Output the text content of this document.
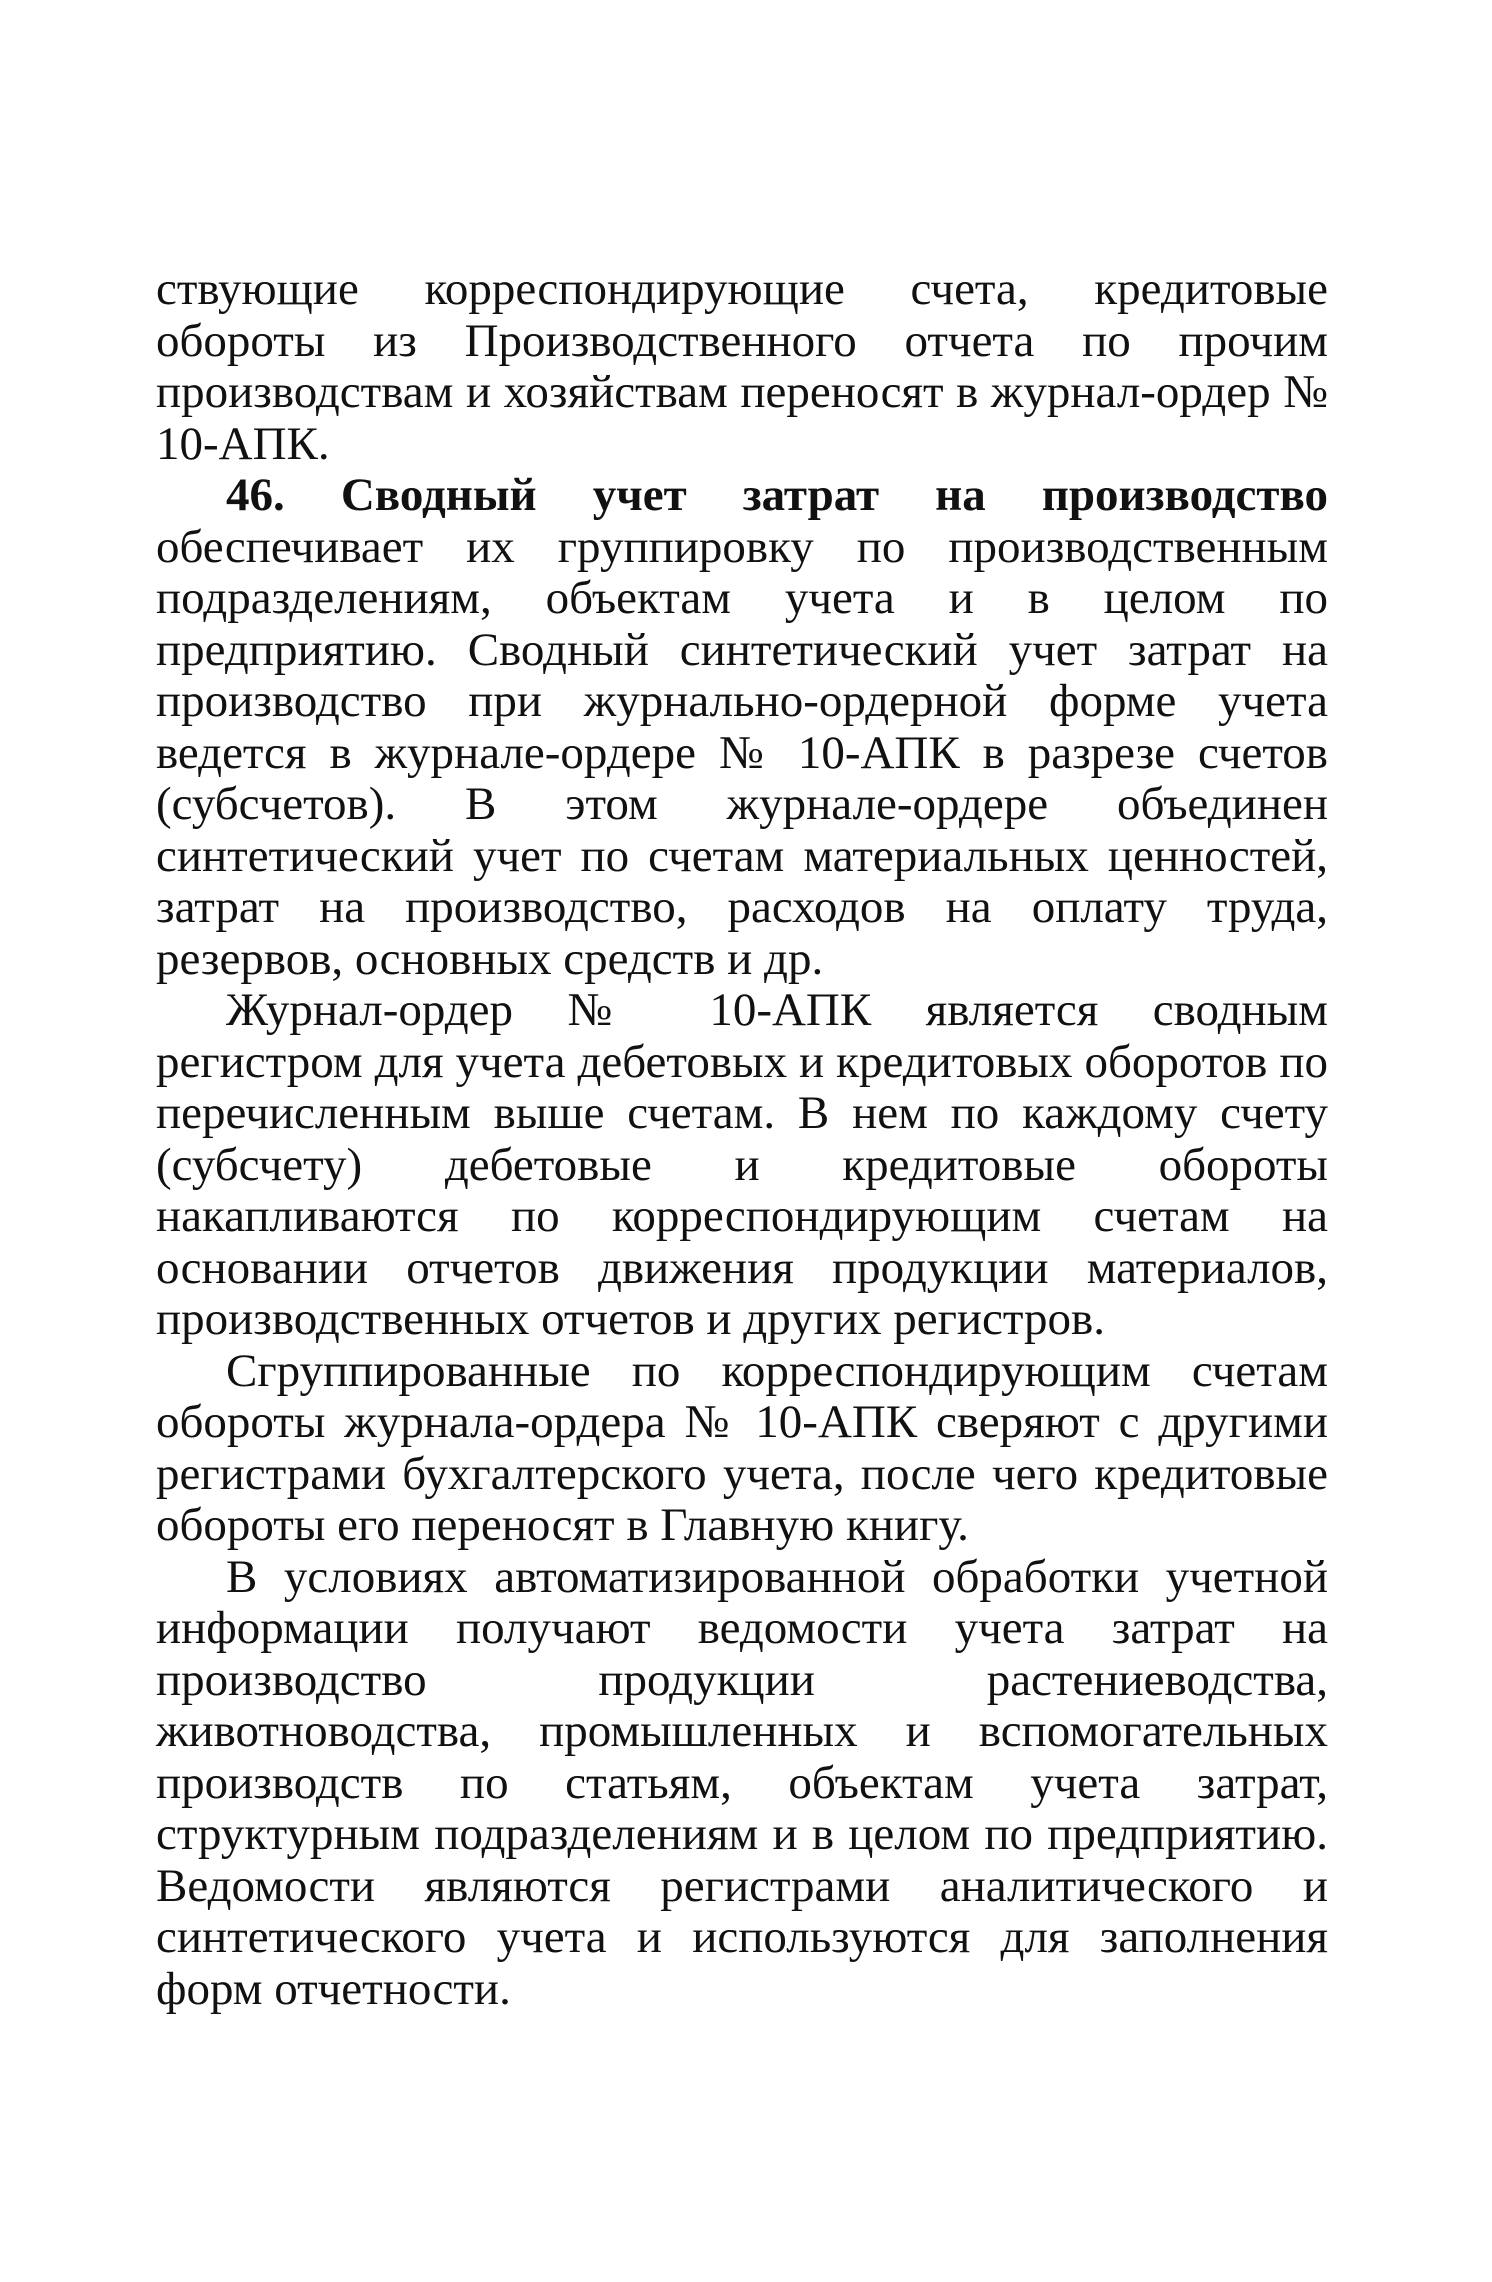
ствующие корреспондирующие счета, кредитовые обороты из Производственного отчета по прочим производствам и хозяйствам переносят в журнал-ордер № 10-АПК.

46. Сводный учет затрат на производство обеспечивает их группировку по производственным подразделениям, объектам учета и в целом по предприятию. Сводный синтетический учет затрат на производство при журнально-ордерной форме учета ведется в журнале-ордере № 10-АПК в разрезе счетов (субсчетов). В этом журнале-ордере объединен синтетический учет по счетам материальных ценностей, затрат на производство, расходов на оплату труда, резервов, основных средств и др.

Журнал-ордер № 10-АПК является сводным регистром для учета дебетовых и кредитовых оборотов по перечисленным выше счетам. В нем по каждому счету (субсчету) дебетовые и кредитовые обороты накапливаются по корреспондирующим счетам на основании отчетов движения продукции материалов, производственных отчетов и других регистров.

Сгруппированные по корреспондирующим счетам обороты журнала-ордера № 10-АПК сверяют с другими регистрами бухгалтерского учета, после чего кредитовые обороты его переносят в Главную книгу.

В условиях автоматизированной обработки учетной информации получают ведомости учета затрат на производство продукции растениеводства, животноводства, промышленных и вспомогательных производств по статьям, объектам учета затрат, структурным подразделениям и в целом по предприятию. Ведомости являются регистрами аналитического и синтетического учета и используются для заполнения форм отчетности.
